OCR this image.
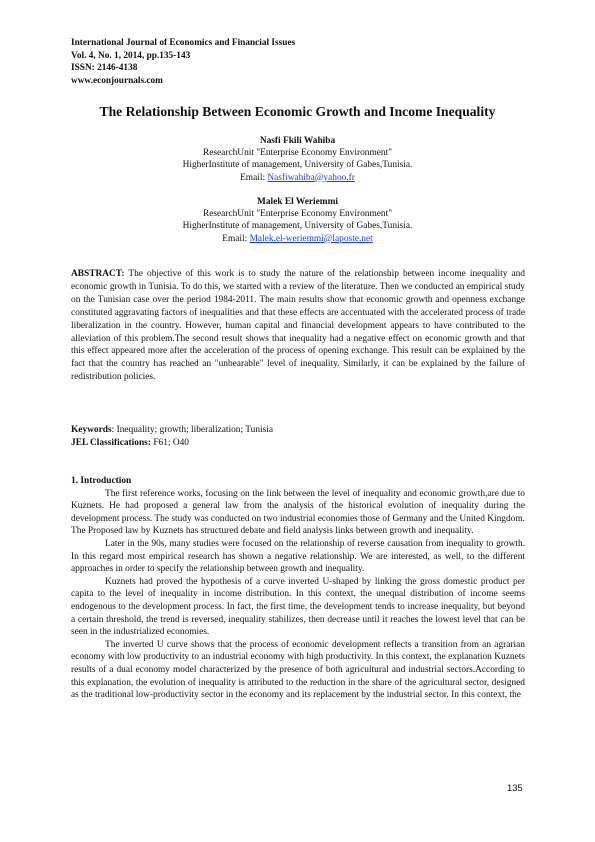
International Journal of Economics and Financial Issues
Vol. 4, No. 1, 2014, pp.135-143
ISSN: 2146-4138
www.econjournals.com
The Relationship Between Economic Growth and Income Inequality
Nasfi Fkili Wahiba
ResearchUnit "Enterprise Economy Environment"
HigherInstitute of management, University of Gabes,Tunisia.
Email: Nasfiwahiba@yahoo.fr
Malek El Weriemmi
ResearchUnit "Enterprise Economy Environment"
HigherInstitute of management, University of Gabes,Tunisia.
Email: Malek.el-weriemmi@laposte.net
ABSTRACT: The objective of this work is to study the nature of the relationship between income inequality and economic growth in Tunisia. To do this, we started with a review of the literature. Then we conducted an empirical study on the Tunisian case over the period 1984-2011. The main results show that economic growth and openness exchange constituted aggravating factors of inequalities and that these effects are accentuated with the accelerated process of trade liberalization in the country. However, human capital and financial development appears to have contributed to the alleviation of this problem.The second result shows that inequality had a negative effect on economic growth and that this effect appeared more after the acceleration of the process of opening exchange. This result can be explained by the fact that the country has reached an "unbearable" level of inequality. Similarly, it can be explained by the failure of redistribution policies.
Keywords: Inequality; growth; liberalization; Tunisia
JEL Classifications: F61; O40
1. Introduction

The first reference works, focusing on the link between the level of inequality and economic growth,are due to Kuznets. He had proposed a general law from the analysis of the historical evolution of inequality during the development process. The study was conducted on two industrial economies those of Germany and the United Kingdom. The Proposed law by Kuznets has structured debate and field analysis links between growth and inequality.

Later in the 90s, many studies were focused on the relationship of reverse causation from inequality to growth. In this regard most empirical research has shown a negative relationship. We are interested, as well, to the different approaches in order to specify the relationship between growth and inequality.

Kuznets had proved the hypothesis of a curve inverted U-shaped by linking the gross domestic product per capita to the level of inequality in income distribution. In this context, the unequal distribution of income seems endogenous to the development process. In fact, the first time, the development tends to increase inequality, but beyond a certain threshold, the trend is reversed, inequality stabilizes, then decrease until it reaches the lowest level that can be seen in the industrialized economies.

The inverted U curve shows that the process of economic development reflects a transition from an agrarian economy with low productivity to an industrial economy with high productivity. In this context, the explanation Kuznets results of a dual economy model characterized by the presence of both agricultural and industrial sectors.According to this explanation, the evolution of inequality is attributed to the reduction in the share of the agricultural sector, designed as the traditional low-productivity sector in the economy and its replacement by the industrial sector. In this context, the

135
